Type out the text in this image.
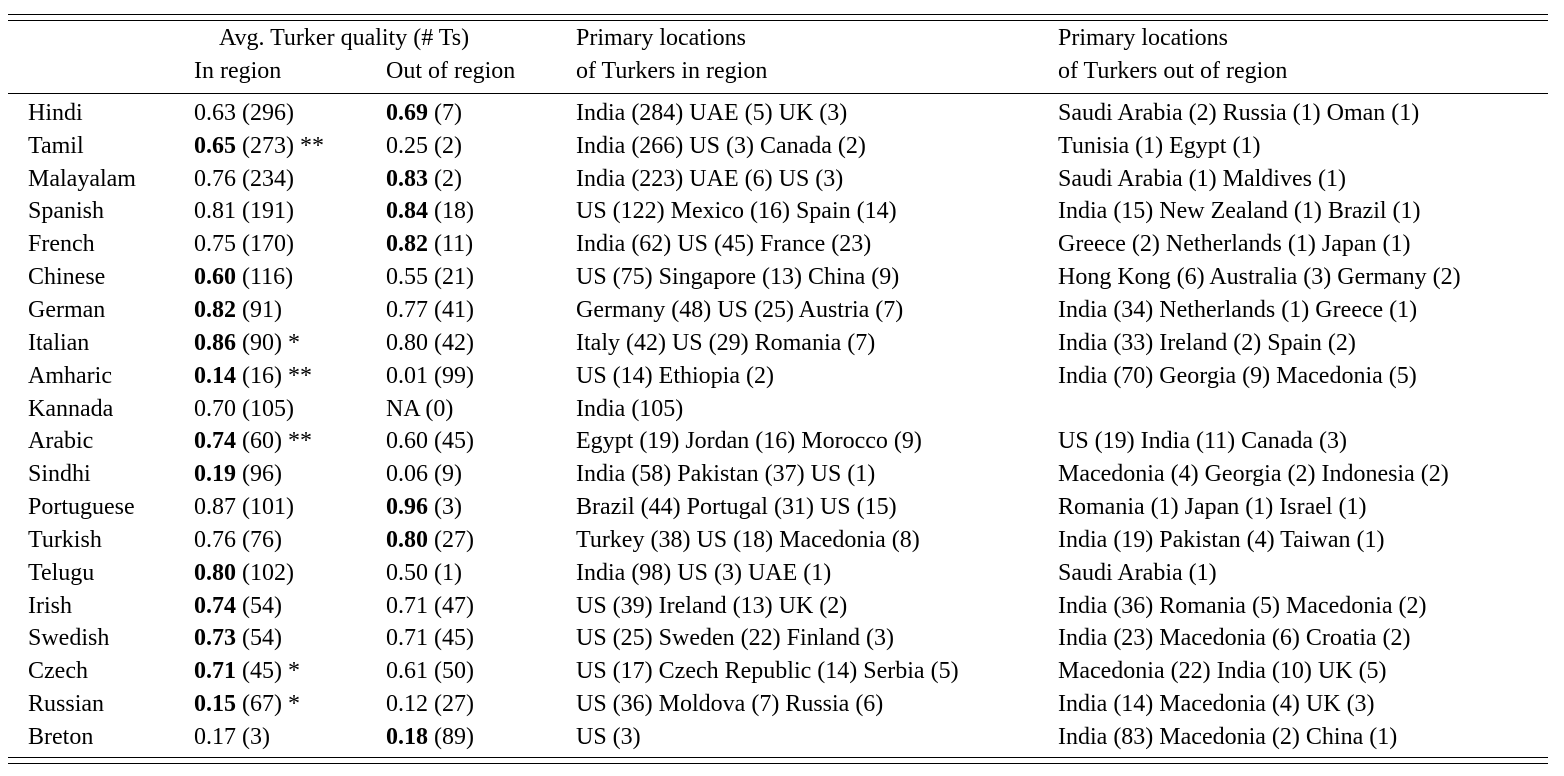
Avg. Turker quality (# Ts)
In region	Out of region
Primary locations
of Turkers in region
Primary locations
of Turkers out of region
Hindi	0.63 (296)	0.69 (7)	India (284) UAE (5) UK (3)	Saudi Arabia (2) Russia (1) Oman (1)
Tamil	0.65 (273) **	0.25 (2)	India (266) US (3) Canada (2)	Tunisia (1) Egypt (1)
Malayalam	0.76 (234)	0.83 (2)	India (223) UAE (6) US (3)	Saudi Arabia (1) Maldives (1)
Spanish	0.81 (191)	0.84 (18)	US (122) Mexico (16) Spain (14)	India (15) New Zealand (1) Brazil (1)
French	0.75 (170)	0.82 (11)	India (62) US (45) France (23)	Greece (2) Netherlands (1) Japan (1)
Chinese	0.60 (116)	0.55 (21)	US (75) Singapore (13) China (9)	Hong Kong (6) Australia (3) Germany (2)
German	0.82 (91)	0.77 (41)	Germany (48) US (25) Austria (7)	India (34) Netherlands (1) Greece (1)
Italian	0.86 (90) *	0.80 (42)	Italy (42) US (29) Romania (7)	India (33) Ireland (2) Spain (2)
Amharic	0.14 (16) **	0.01 (99)	US (14) Ethiopia (2)	India (70) Georgia (9) Macedonia (5)
Kannada	0.70 (105)	NA (0)	India (105)	
Arabic	0.74 (60) **	0.60 (45)	Egypt (19) Jordan (16) Morocco (9)	US (19) India (11) Canada (3)
Sindhi	0.19 (96)	0.06 (9)	India (58) Pakistan (37) US (1)	Macedonia (4) Georgia (2) Indonesia (2)
Portuguese	0.87 (101)	0.96 (3)	Brazil (44) Portugal (31) US (15)	Romania (1) Japan (1) Israel (1)
Turkish	0.76 (76)	0.80 (27)	Turkey (38) US (18) Macedonia (8)	India (19) Pakistan (4) Taiwan (1)
Telugu	0.80 (102)	0.50 (1)	India (98) US (3) UAE (1)	Saudi Arabia (1)
Irish	0.74 (54)	0.71 (47)	US (39) Ireland (13) UK (2)	India (36) Romania (5) Macedonia (2)
Swedish	0.73 (54)	0.71 (45)	US (25) Sweden (22) Finland (3)	India (23) Macedonia (6) Croatia (2)
Czech	0.71 (45) *	0.61 (50)	US (17) Czech Republic (14) Serbia (5)	Macedonia (22) India (10) UK (5)
Russian	0.15 (67) *	0.12 (27)	US (36) Moldova (7) Russia (6)	India (14) Macedonia (4) UK (3)
Breton	0.17 (3)	0.18 (89)	US (3)	India (83) Macedonia (2) China (1)
